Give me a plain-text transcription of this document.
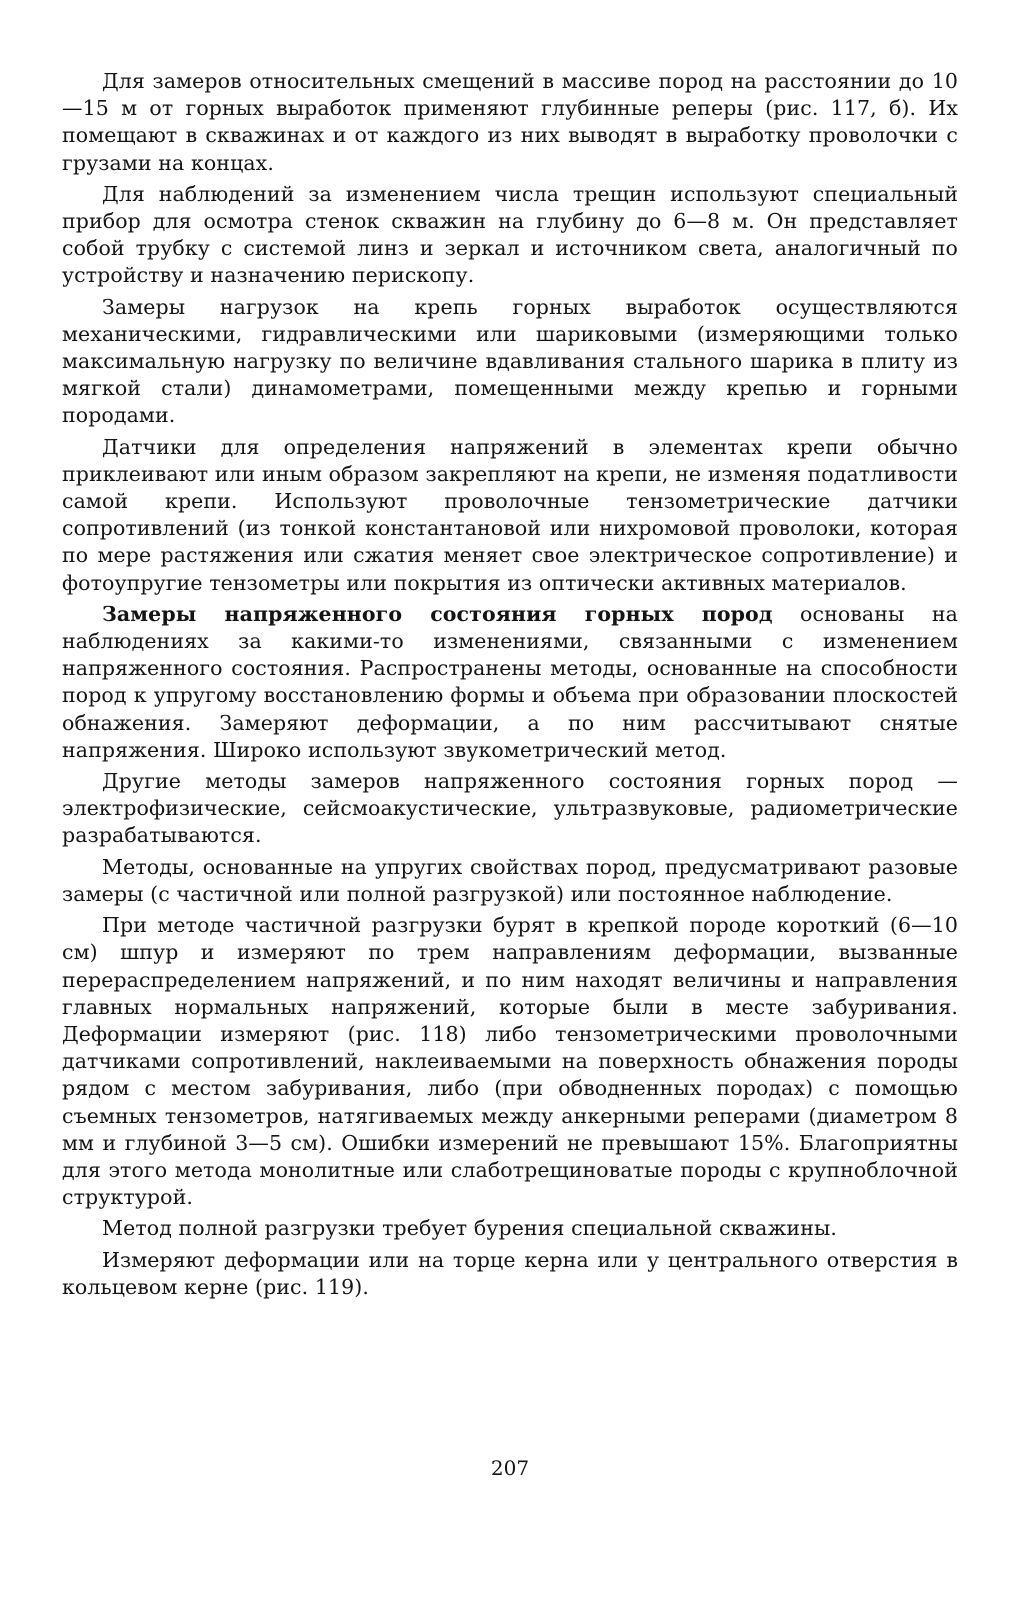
Для замеров относительных смещений в массиве пород на расстоянии до 10—15 м от горных выработок применяют глубинные реперы (рис. 117, б). Их помещают в скважинах и от каждого из них выводят в выработку проволочки с грузами на концах.

Для наблюдений за изменением числа трещин используют специальный прибор для осмотра стенок скважин на глубину до 6—8 м. Он представляет собой трубку с системой линз и зеркал и источником света, аналогичный по устройству и назначению перископу.

Замеры нагрузок на крепь горных выработок осуществляются механическими, гидравлическими или шариковыми (измеряющими только максимальную нагрузку по величине вдавливания стального шарика в плиту из мягкой стали) динамометрами, помещенными между крепью и горными породами.

Датчики для определения напряжений в элементах крепи обычно приклеивают или иным образом закрепляют на крепи, не изменяя податливости самой крепи. Используют проволочные тензометрические датчики сопротивлений (из тонкой константановой или нихромовой проволоки, которая по мере растяжения или сжатия меняет свое электрическое сопротивление) и фотоупругие тензометры или покрытия из оптически активных материалов.

Замеры напряженного состояния горных пород основаны на наблюдениях за какими-то изменениями, связанными с изменением напряженного состояния. Распространены методы, основанные на способности пород к упругому восстановлению формы и объема при образовании плоскостей обнажения. Замеряют деформации, а по ним рассчитывают снятые напряжения. Широко используют звукометрический метод.

Другие методы замеров напряженного состояния горных пород — электрофизические, сейсмоакустические, ультразвуковые, радиометрические разрабатываются.

Методы, основанные на упругих свойствах пород, предусматривают разовые замеры (с частичной или полной разгрузкой) или постоянное наблюдение.

При методе частичной разгрузки бурят в крепкой породе короткий (6—10 см) шпур и измеряют по трем направлениям деформации, вызванные перераспределением напряжений, и по ним находят величины и направления главных нормальных напряжений, которые были в месте забуривания. Деформации измеряют (рис. 118) либо тензометрическими проволочными датчиками сопротивлений, наклеиваемыми на поверхность обнажения породы рядом с местом забуривания, либо (при обводненных породах) с помощью съемных тензометров, натягиваемых между анкерными реперами (диаметром 8 мм и глубиной 3—5 см). Ошибки измерений не превышают 15%. Благоприятны для этого метода монолитные или слаботрещиноватые породы с крупноблочной структурой.

Метод полной разгрузки требует бурения специальной скважины.

Измеряют деформации или на торце керна или у центрального отверстия в кольцевом керне (рис. 119).

207
